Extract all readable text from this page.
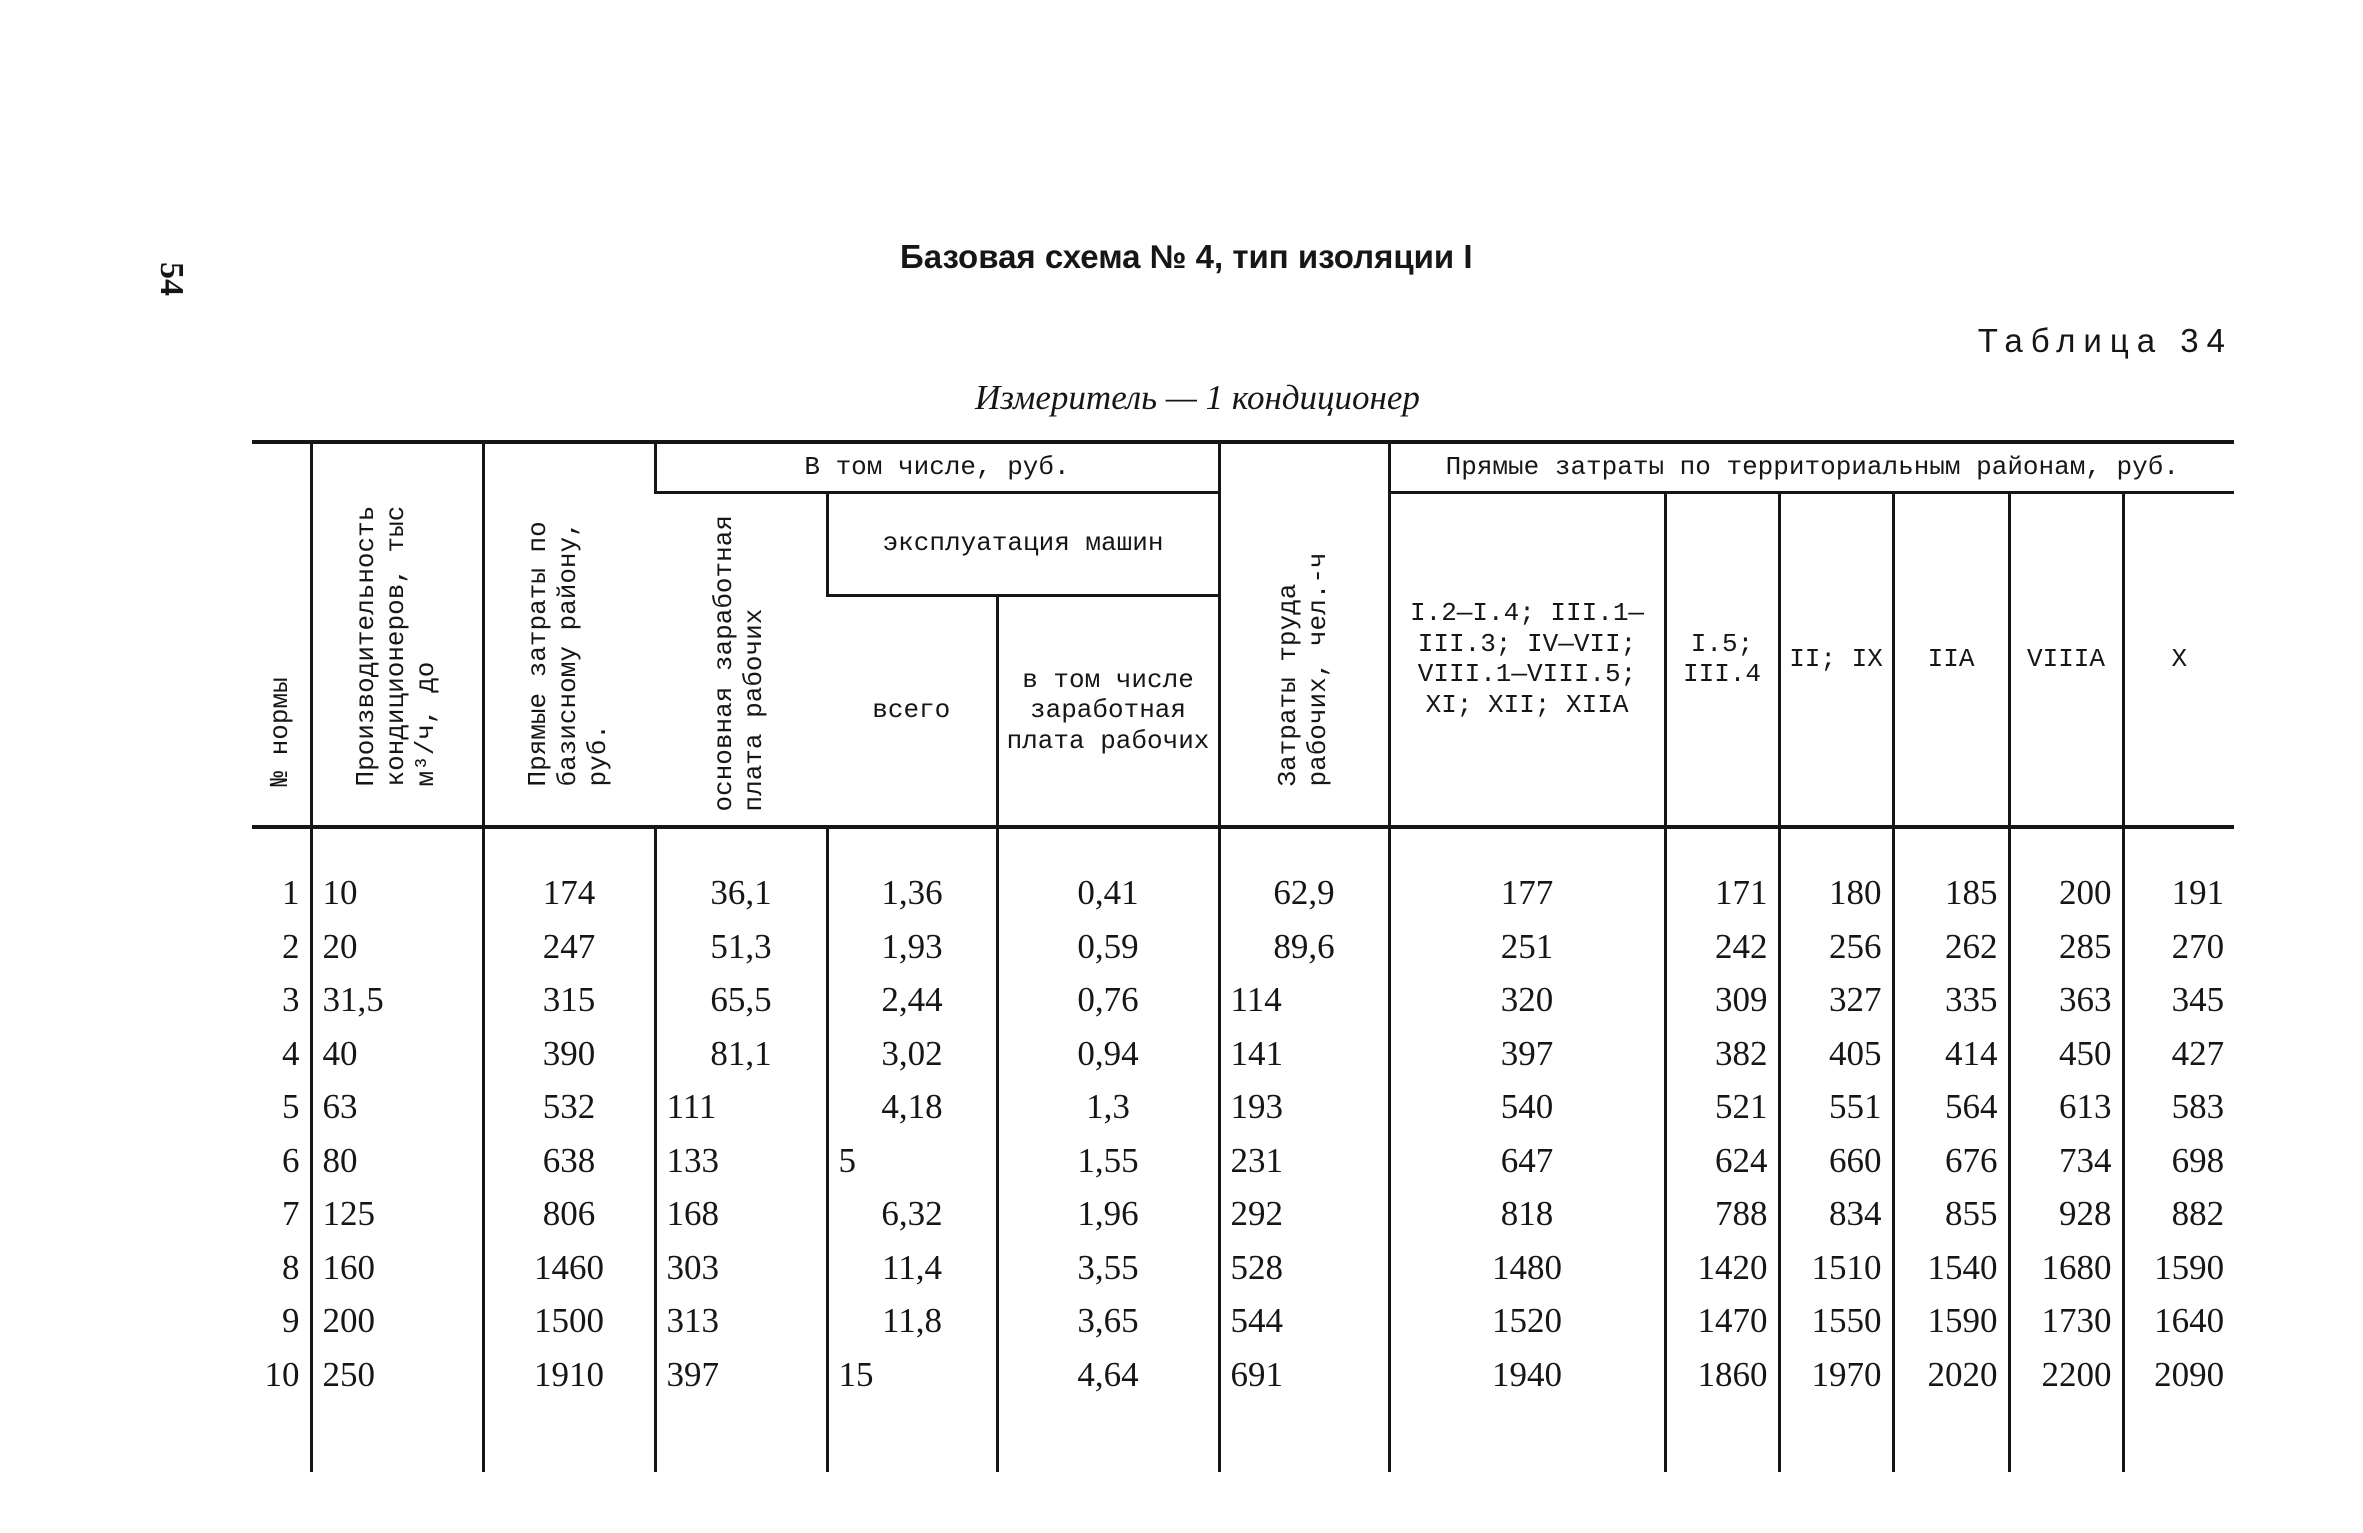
54
Базовая схема № 4, тип изоляции I
Таблица 34
Измеритель — 1 кондиционер
№ нормы	Производительность кондиционеров, тыс м³/ч, до	Прямые затраты по базисному району, руб.	В том числе, руб.			Затраты труда рабочих, чел.-ч	Прямые затраты по территориальным районам, руб.					

			основная заработная плата рабочих	эксплуатация машин			I.2—I.4; III.1—III.3; IV—VII; VIII.1—VIII.5; XI; XII; XIIA	I.5; III.4	II; IX	IIA	VIIIA	X
				всего	в том числе заработная плата рабочих							
1	10	174	36,1	1,36	0,41	62,9	177	171	180	185	200	191
2	20	247	51,3	1,93	0,59	89,6	251	242	256	262	285	270
3	31,5	315	65,5	2,44	0,76	114	320	309	327	335	363	345
4	40	390	81,1	3,02	0,94	141	397	382	405	414	450	427
5	63	532	111	4,18	1,3	193	540	521	551	564	613	583
6	80	638	133	5	1,55	231	647	624	660	676	734	698
7	125	806	168	6,32	1,96	292	818	788	834	855	928	882
8	160	1460	303	11,4	3,55	528	1480	1420	1510	1540	1680	1590
9	200	1500	313	11,8	3,65	544	1520	1470	1550	1590	1730	1640
10	250	1910	397	15	4,64	691	1940	1860	1970	2020	2200	2090
